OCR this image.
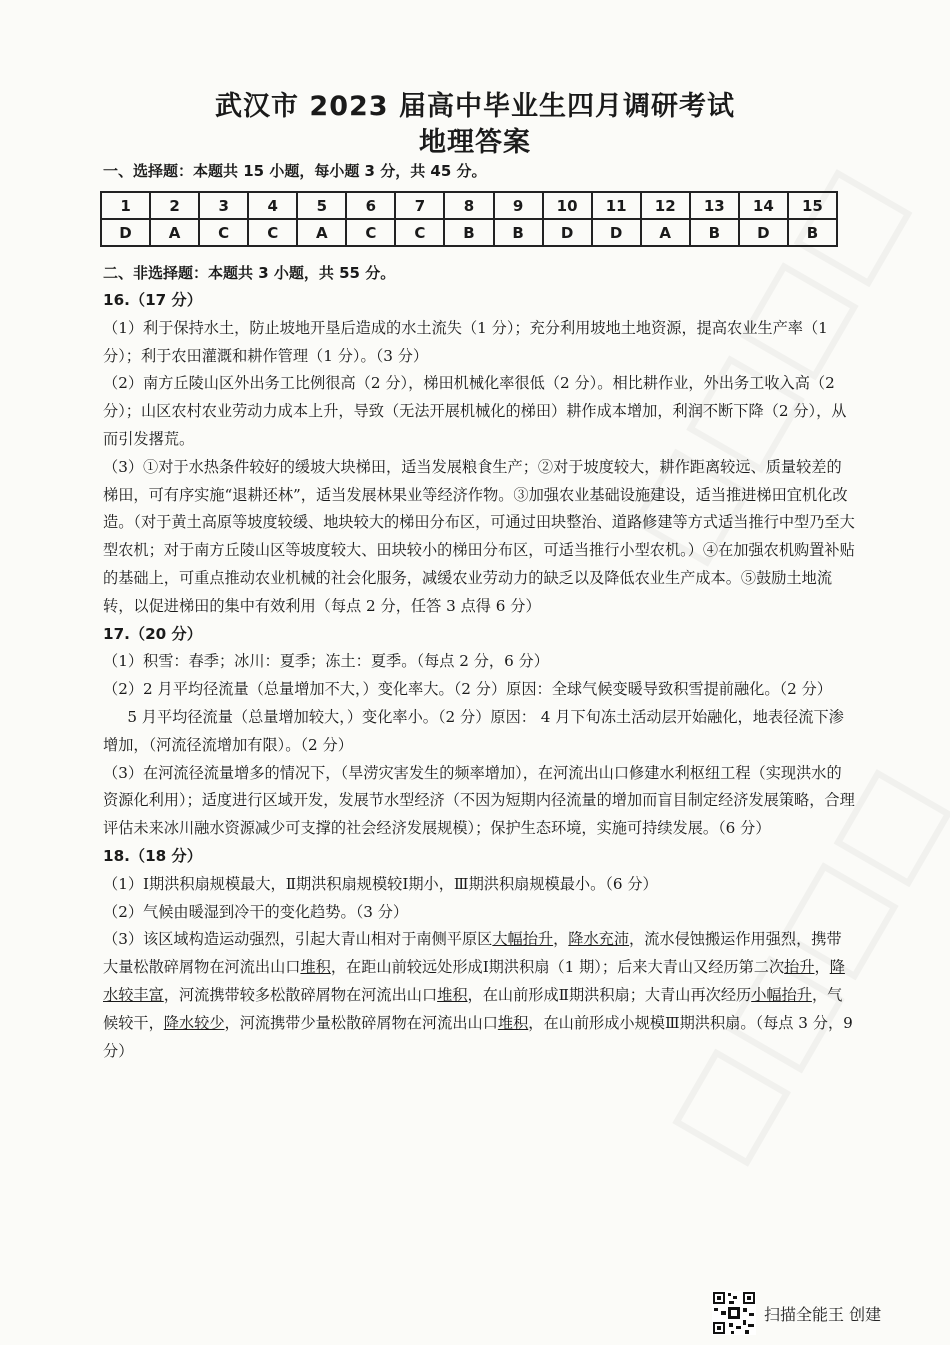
武汉市 2023 届高中毕业生四月调研考试
地理答案
一、选择题：本题共 15 小题，每小题 3 分，共 45 分。
1	2	3	4	5	6	7	8	9	10	11	12	13	14	15
D	A	C	C	A	C	C	B	B	D	D	A	B	D	B
二、非选择题：本题共 3 小题，共 55 分。

16.（17 分）

（1）利于保持水土，防止坡地开垦后造成的水土流失（1 分）；充分利用坡地土地资源，提高农业生产率（1 分）；利于农田灌溉和耕作管理（1 分）。（3 分）

（2）南方丘陵山区外出务工比例很高（2 分），梯田机械化率很低（2 分）。相比耕作业，外出务工收入高（2 分）；山区农村农业劳动力成本上升，导致（无法开展机械化的梯田）耕作成本增加，利润不断下降（2 分），从而引发撂荒。

（3）①对于水热条件较好的缓坡大块梯田，适当发展粮食生产；②对于坡度较大，耕作距离较远、质量较差的梯田，可有序实施“退耕还林”，适当发展林果业等经济作物。③加强农业基础设施建设，适当推进梯田宜机化改造。（对于黄土高原等坡度较缓、地块较大的梯田分布区，可通过田块整治、道路修建等方式适当推行中型乃至大型农机；对于南方丘陵山区等坡度较大、田块较小的梯田分布区，可适当推行小型农机。）④在加强农机购置补贴的基础上，可重点推动农业机械的社会化服务，减缓农业劳动力的缺乏以及降低农业生产成本。⑤鼓励土地流转，以促进梯田的集中有效利用（每点 2 分，任答 3 点得 6 分）

17.（20 分）

（1）积雪：春季；冰川：夏季；冻土：夏季。（每点 2 分，6 分）

（2）2 月平均径流量（总量增加不大，）变化率大。（2 分）原因：全球气候变暖导致积雪提前融化。（2 分）

5 月平均径流量（总量增加较大，）变化率小。（2 分）原因： 4 月下旬冻土活动层开始融化，地表径流下渗增加，（河流径流增加有限）。（2 分）

（3）在河流径流量增多的情况下，（旱涝灾害发生的频率增加），在河流出山口修建水利枢纽工程（实现洪水的资源化利用）；适度进行区域开发，发展节水型经济（不因为短期内径流量的增加而盲目制定经济发展策略，合理评估未来冰川融水资源减少可支撑的社会经济发展规模）；保护生态环境，实施可持续发展。（6 分）

18.（18 分）

（1）Ⅰ期洪积扇规模最大，Ⅱ期洪积扇规模较Ⅰ期小，Ⅲ期洪积扇规模最小。（6 分）

（2）气候由暖湿到冷干的变化趋势。（3 分）

（3）该区域构造运动强烈，引起大青山相对于南侧平原区大幅抬升，降水充沛，流水侵蚀搬运作用强烈，携带大量松散碎屑物在河流出山口堆积，在距山前较远处形成Ⅰ期洪积扇（1 期）；后来大青山又经历第二次抬升，降水较丰富，河流携带较多松散碎屑物在河流出山口堆积，在山前形成Ⅱ期洪积扇；大青山再次经历小幅抬升，气候较干，降水较少，河流携带少量松散碎屑物在河流出山口堆积，在山前形成小规模Ⅲ期洪积扇。（每点 3 分，9 分）

扫描全能王 创建
